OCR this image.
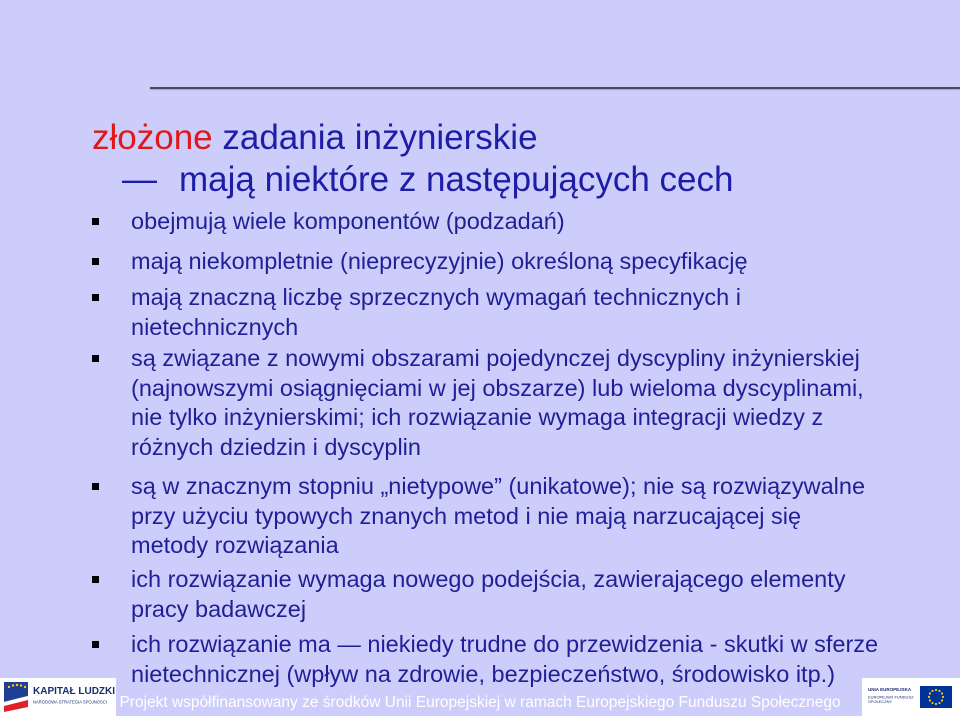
złożone zadania inżynierskie
— mają niektóre z następujących cech
obejmują wiele komponentów (podzadań)
mają niekompletnie (nieprecyzyjnie) określoną specyfikację
mają znaczną liczbę sprzecznych wymagań technicznych i
nietechnicznych
są związane z nowymi obszarami pojedynczej dyscypliny inżynierskiej
(najnowszymi osiągnięciami w jej obszarze) lub wieloma dyscyplinami,
nie tylko inżynierskimi; ich rozwiązanie wymaga integracji wiedzy z
różnych dziedzin i dyscyplin
są w znacznym stopniu „nietypowe” (unikatowe); nie są rozwiązywalne
przy użyciu typowych znanych metod i nie mają narzucającej się
metody rozwiązania
ich rozwiązanie wymaga nowego podejścia, zawierającego elementy
pracy badawczej
ich rozwiązanie ma — niekiedy trudne do przewidzenia - skutki w sferze
nietechnicznej (wpływ na zdrowie, bezpieczeństwo, środowisko itp.)
KAPITAŁ LUDZKI
NARODOWA STRATEGIA SPÓJNOŚCI Projekt współfinansowany ze środków Unii Europejskiej w ramach Europejskiego Funduszu Społecznego
UNIA EUROPEJSKA
EUROPEJSKI FUNDUSZ SPOŁECZNY
